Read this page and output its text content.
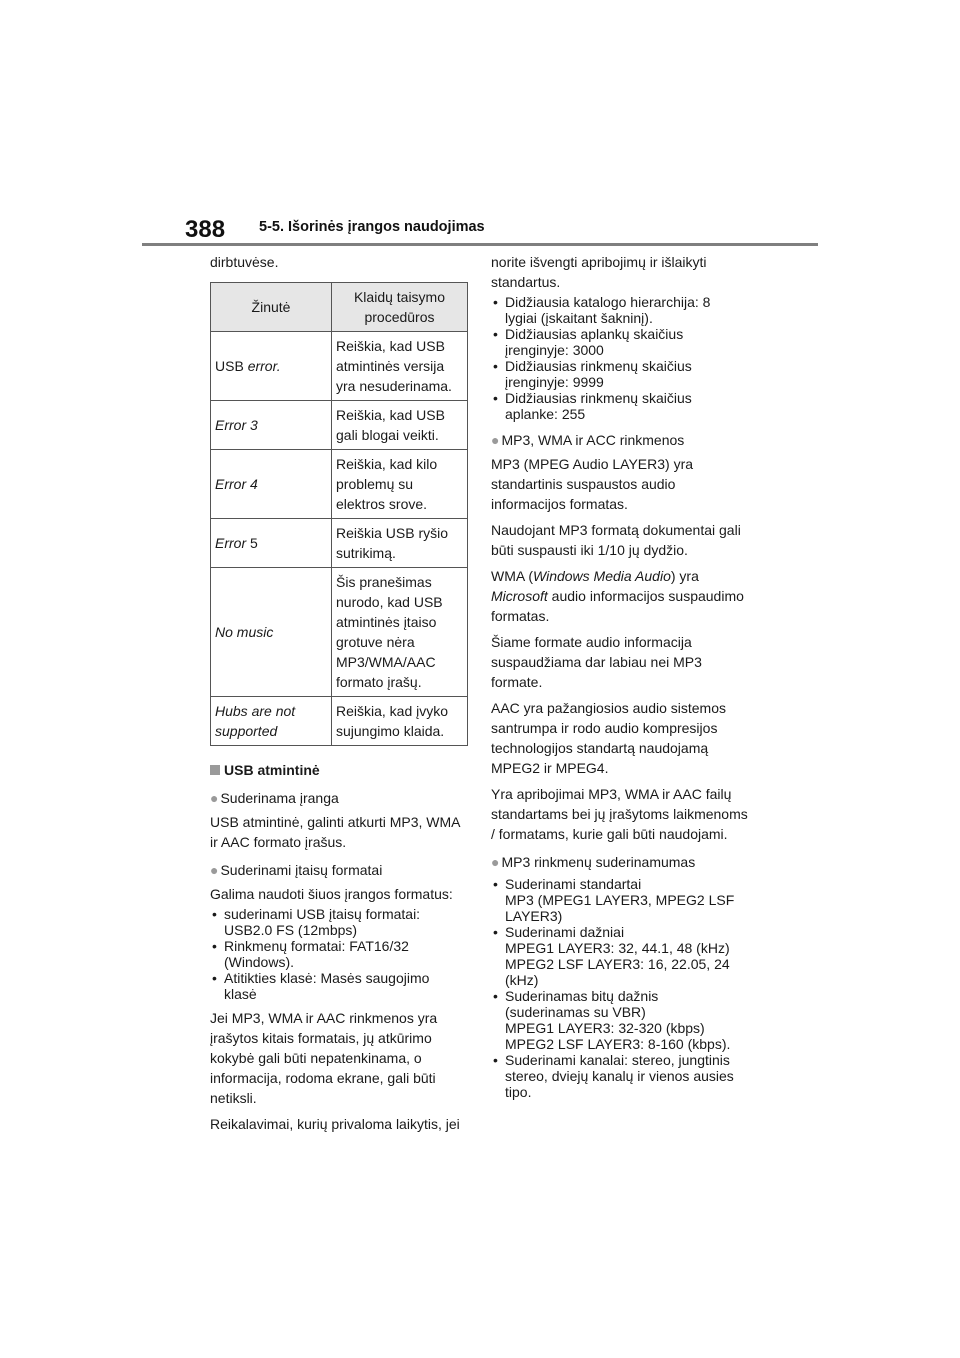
388 5-5. Išorinės įrangos naudojimas

dirbtuvėse.

Žinutė	Klaidų taisymo procedūros
USB error.	Reiškia, kad USB atmintinės versija yra nesuderinama.
Error 3	Reiškia, kad USB gali blogai veikti.
Error 4	Reiškia, kad kilo problemų su elektros srove.
Error 5	Reiškia USB ryšio sutrikimą.
No music	Šis pranešimas nurodo, kad USB atmintinės įtaiso grotuve nėra MP3/WMA/AAC formato įrašų.
Hubs are not supported	Reiškia, kad įvyko sujungimo klaida.
USB atmintinė
● Suderinama įranga

USB atmintinė, galinti atkurti MP3, WMA ir AAC formato įrašus.

● Suderinami įtaisų formatai

Galima naudoti šiuos įrangos formatus:

• suderinami USB įtaisų formatai:
USB2.0 FS (12mbps)
• Rinkmenų formatai: FAT16/32
(Windows).
• Atitikties klasė: Masės saugojimo
klasė

Jei MP3, WMA ir AAC rinkmenos yra įrašytos kitais formatais, jų atkūrimo kokybė gali būti nepatenkinama, o informacija, rodoma ekrane, gali būti netiksli.

Reikalavimai, kurių privaloma laikytis, jei

norite išvengti apribojimų ir išlaikyti standartus.

• Didžiausia katalogo hierarchija: 8
lygiai (įskaitant šakninį).
• Didžiausias aplankų skaičius
įrenginyje: 3000
• Didžiausias rinkmenų skaičius
įrenginyje: 9999
• Didžiausias rinkmenų skaičius
aplanke: 255
● MP3, WMA ir ACC rinkmenos

MP3 (MPEG Audio LAYER3) yra standartinis suspaustos audio informacijos formatas.

Naudojant MP3 formatą dokumentai gali būti suspausti iki 1/10 jų dydžio.

WMA (Windows Media Audio) yra Microsoft audio informacijos suspaudimo formatas.

Šiame formate audio informacija suspaudžiama dar labiau nei MP3 formate.

AAC yra pažangiosios audio sistemos santrumpa ir rodo audio kompresijos technologijos standartą naudojamą MPEG2 ir MPEG4.

Yra apribojimai MP3, WMA ir AAC failų standartams bei jų įrašytoms laikmenoms / formatams, kurie gali būti naudojami.

● MP3 rinkmenų suderinamumas
• Suderinami standartai
MP3 (MPEG1 LAYER3, MPEG2 LSF
LAYER3)
• Suderinami dažniai
MPEG1 LAYER3: 32, 44.1, 48 (kHz)
MPEG2 LSF LAYER3: 16, 22.05, 24
(kHz)
• Suderinamas bitų dažnis
(suderinamas su VBR)
MPEG1 LAYER3: 32-320 (kbps)
MPEG2 LSF LAYER3: 8-160 (kbps).
• Suderinami kanalai: stereo, jungtinis
stereo, dviejų kanalų ir vienos ausies
tipo.
